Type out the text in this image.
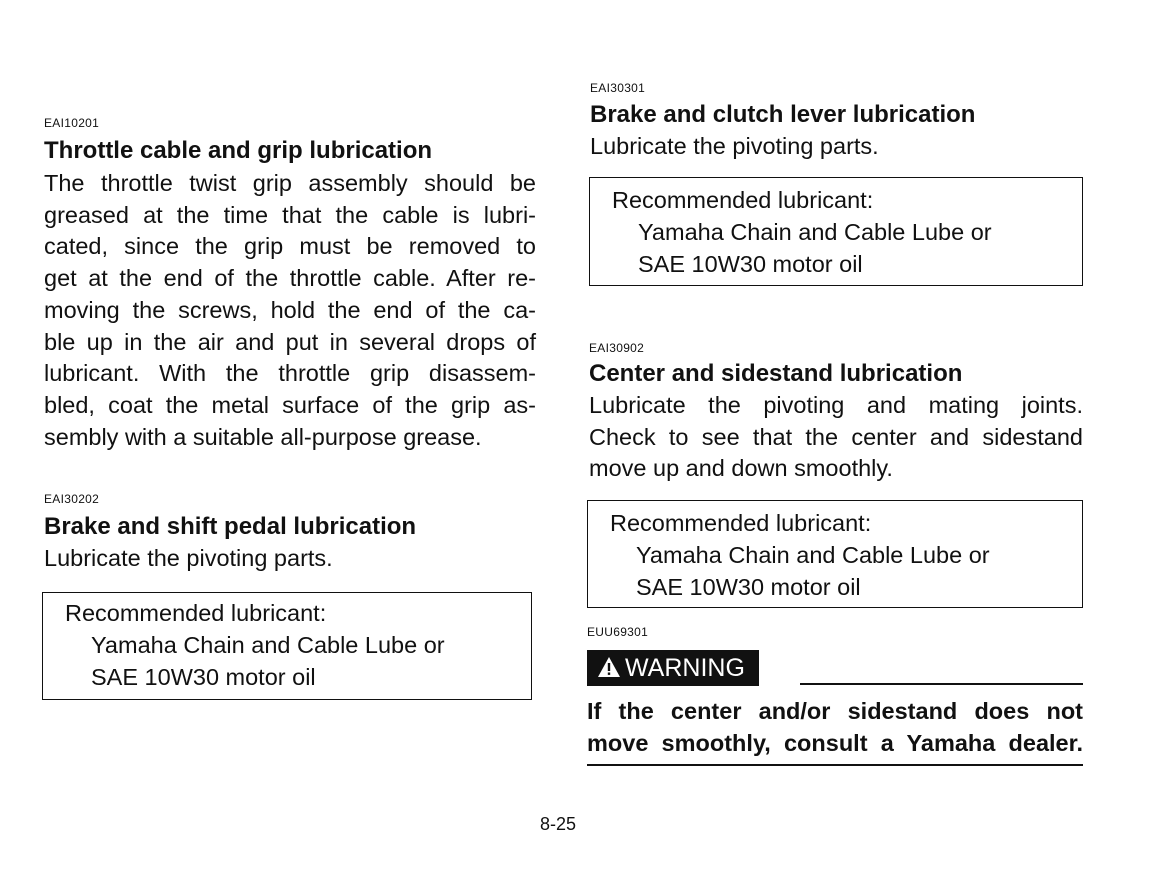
EAI10201
Throttle cable and grip lubrication
The throttle twist grip assembly should be
greased at the time that the cable is lubri-
cated, since the grip must be removed to
get at the end of the throttle cable. After re-
moving the screws, hold the end of the ca-
ble up in the air and put in several drops of
lubricant. With the throttle grip disassem-
bled, coat the metal surface of the grip as-
sembly with a suitable all-purpose grease.
EAI30202
Brake and shift pedal lubrication
Lubricate the pivoting parts.
Recommended lubricant:
Yamaha Chain and Cable Lube or
SAE 10W30 motor oil
EAI30301
Brake and clutch lever lubrication
Lubricate the pivoting parts.
Recommended lubricant:
Yamaha Chain and Cable Lube or
SAE 10W30 motor oil
EAI30902
Center and sidestand lubrication
Lubricate the pivoting and mating joints.
Check to see that the center and sidestand
move up and down smoothly.
Recommended lubricant:
Yamaha Chain and Cable Lube or
SAE 10W30 motor oil
EUU69301
WARNING
If the center and/or sidestand does not
move smoothly, consult a Yamaha dealer.
8-25
